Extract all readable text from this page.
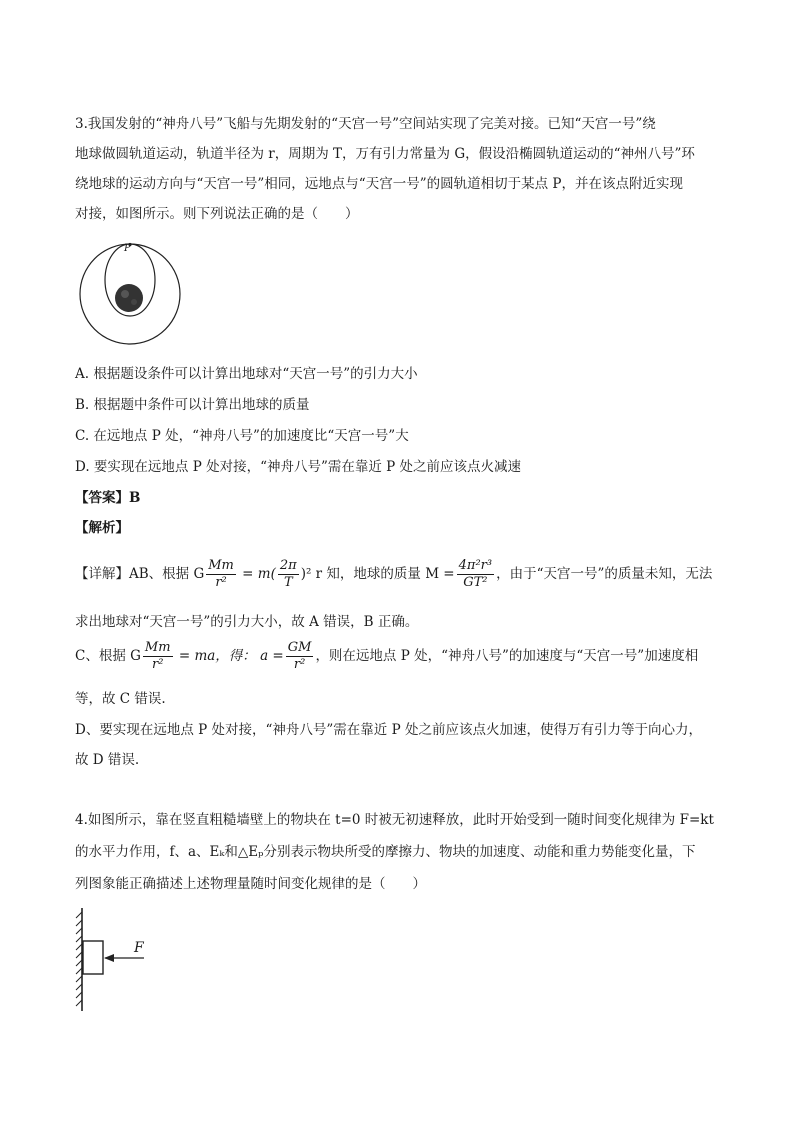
3.我国发射的“神舟八号”飞船与先期发射的“天宫一号”空间站实现了完美对接。已知“天宫一号”绕
地球做圆轨道运动，轨道半径为 r，周期为 T，万有引力常量为 G，假设沿椭圆轨道运动的“神州八号”环
绕地球的运动方向与“天宫一号”相同，远地点与“天宫一号”的圆轨道相切于某点 P，并在该点附近实现
对接，如图所示。则下列说法正确的是（　　）
P
A. 根据题设条件可以计算出地球对“天宫一号”的引力大小
B. 根据题中条件可以计算出地球的质量
C. 在远地点 P 处，“神舟八号”的加速度比“天宫一号”大
D. 要实现在远地点 P 处对接，“神舟八号”需在靠近 P 处之前应该点火减速
【答案】B
【解析】
【详解】AB、根据 G $\frac{Mm}{\text{r²}} = m( \frac{2\pi}{T} )^2$ r 知，地球的质量 $M = \frac{\text{4π²r³}}{\text{GT²}}$ ，由于“天宫一号”的质量未知，无法
求出地球对“天宫一号”的引力大小，故 A 错误，B 正确。
C、根据 G $\frac{Mm}{\text{r²}}$ = ma，得： $a = \frac{GM}{\text{r²}}$ ，则在远地点 P 处，“神舟八号”的加速度与“天宫一号”加速度相
等，故 C 错误.
D、要实现在远地点 P 处对接，“神舟八号”需在靠近 P 处之前应该点火加速，使得万有引力等于向心力，
故 D 错误.
4.如图所示，靠在竖直粗糙墙壁上的物块在 t=0 时被无初速释放，此时开始受到一随时间变化规律为 F=kt
的水平力作用，f、a、Eₖ和△Eₚ分别表示物块所受的摩擦力、物块的加速度、动能和重力势能变化量，下
列图象能正确描述上述物理量随时间变化规律的是（　　）
F
